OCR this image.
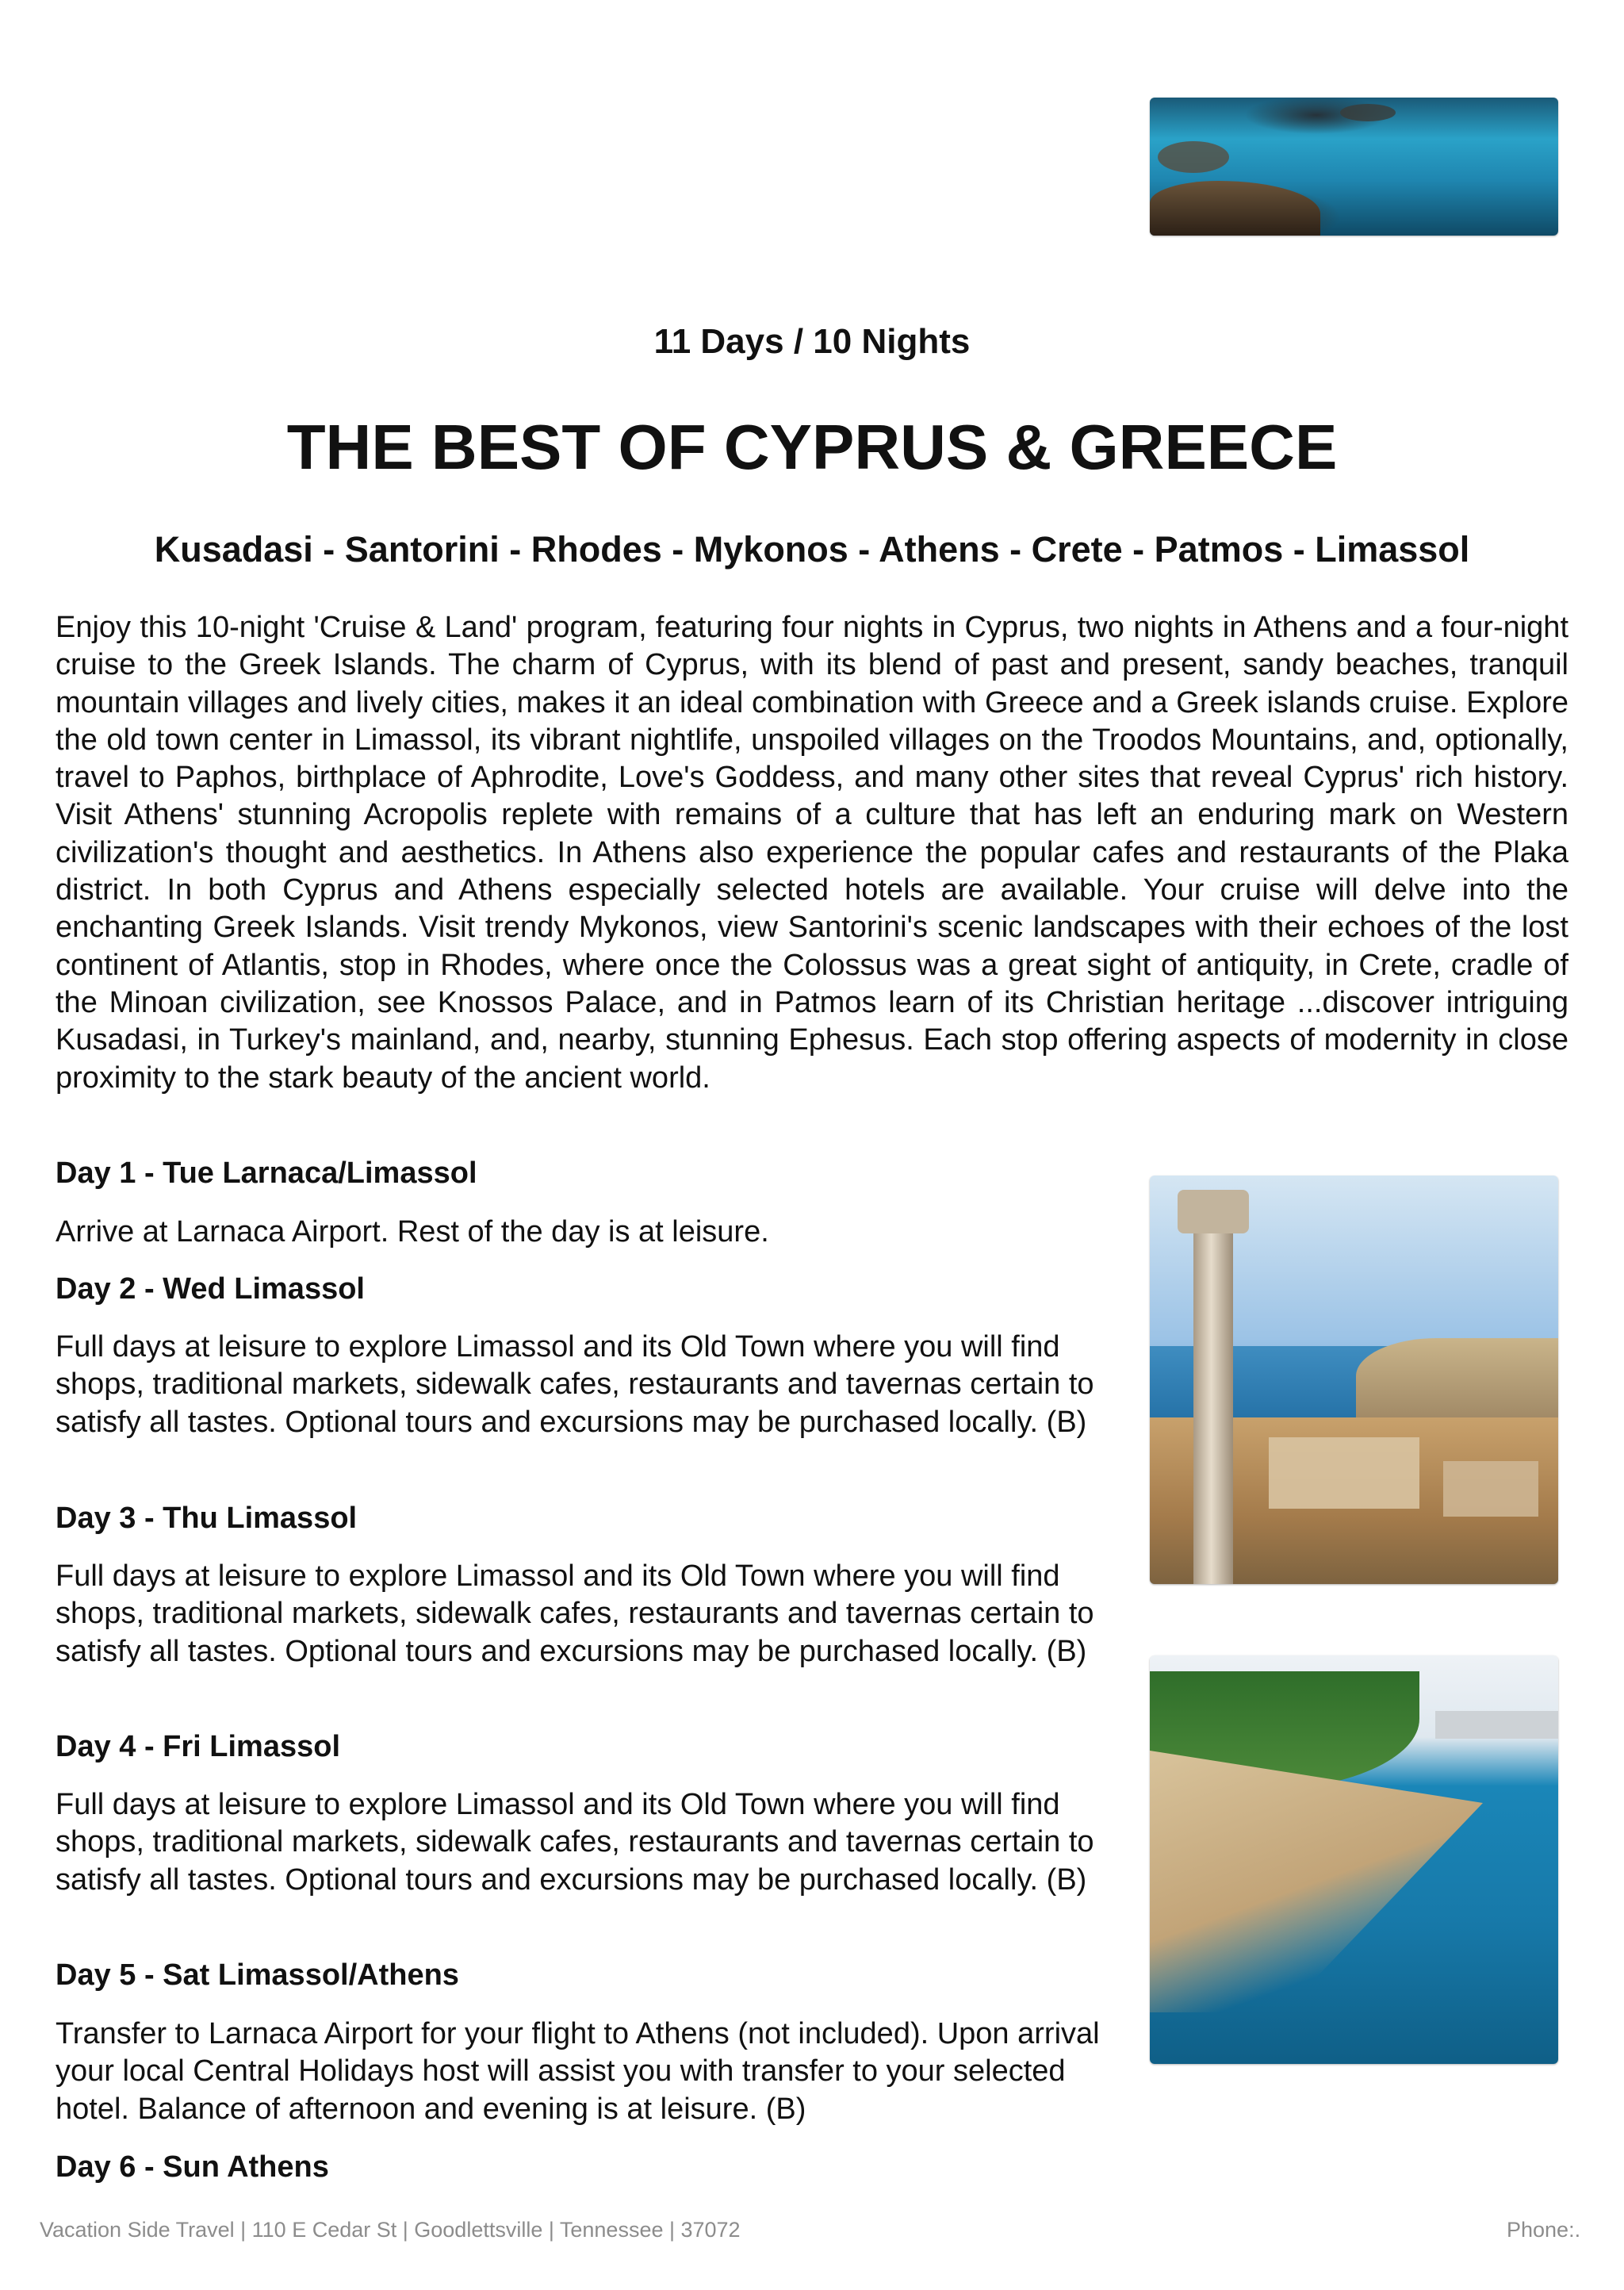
11 Days / 10 Nights
THE BEST OF CYPRUS & GREECE
Kusadasi - Santorini - Rhodes - Mykonos - Athens - Crete - Patmos - Limassol

Enjoy this 10-night 'Cruise & Land' program, featuring four nights in Cyprus, two nights in Athens and a four-night cruise to the Greek Islands. The charm of Cyprus, with its blend of past and present, sandy beaches, tranquil mountain villages and lively cities, makes it an ideal combination with Greece and a Greek islands cruise. Explore the old town center in Limassol, its vibrant nightlife, unspoiled villages on the Troodos Mountains, and, optionally, travel to Paphos, birthplace of Aphrodite, Love's Goddess, and many other sites that reveal Cyprus' rich history. Visit Athens' stunning Acropolis replete with remains of a culture that has left an enduring mark on Western civilization's thought and aesthetics. In Athens also experience the popular cafes and restaurants of the Plaka district. In both Cyprus and Athens especially selected hotels are available. Your cruise will delve into the enchanting Greek Islands. Visit trendy Mykonos, view Santorini's scenic landscapes with their echoes of the lost continent of Atlantis, stop in Rhodes, where once the Colossus was a great sight of antiquity, in Crete, cradle of the Minoan civilization, see Knossos Palace, and in Patmos learn of its Christian heritage ...discover intriguing Kusadasi, in Turkey's mainland, and, nearby, stunning Ephesus. Each stop offering aspects of modernity in close proximity to the stark beauty of the ancient world.

Day 1 - Tue Larnaca/Limassol

Arrive at Larnaca Airport. Rest of the day is at leisure.

Day 2 - Wed Limassol

Full days at leisure to explore Limassol and its Old Town where you will find shops, traditional markets, sidewalk cafes, restaurants and tavernas certain to satisfy all tastes. Optional tours and excursions may be purchased locally. (B)

Day 3 - Thu Limassol

Full days at leisure to explore Limassol and its Old Town where you will find shops, traditional markets, sidewalk cafes, restaurants and tavernas certain to satisfy all tastes. Optional tours and excursions may be purchased locally. (B)

Day 4 - Fri Limassol

Full days at leisure to explore Limassol and its Old Town where you will find shops, traditional markets, sidewalk cafes, restaurants and tavernas certain to satisfy all tastes. Optional tours and excursions may be purchased locally. (B)

Day 5 - Sat Limassol/Athens

Transfer to Larnaca Airport for your flight to Athens (not included). Upon arrival your local Central Holidays host will assist you with transfer to your selected hotel. Balance of afternoon and evening is at leisure. (B)

Day 6 - Sun Athens
Vacation Side Travel | 110 E Cedar St | Goodlettsville | Tennessee | 37072	Phone:.
